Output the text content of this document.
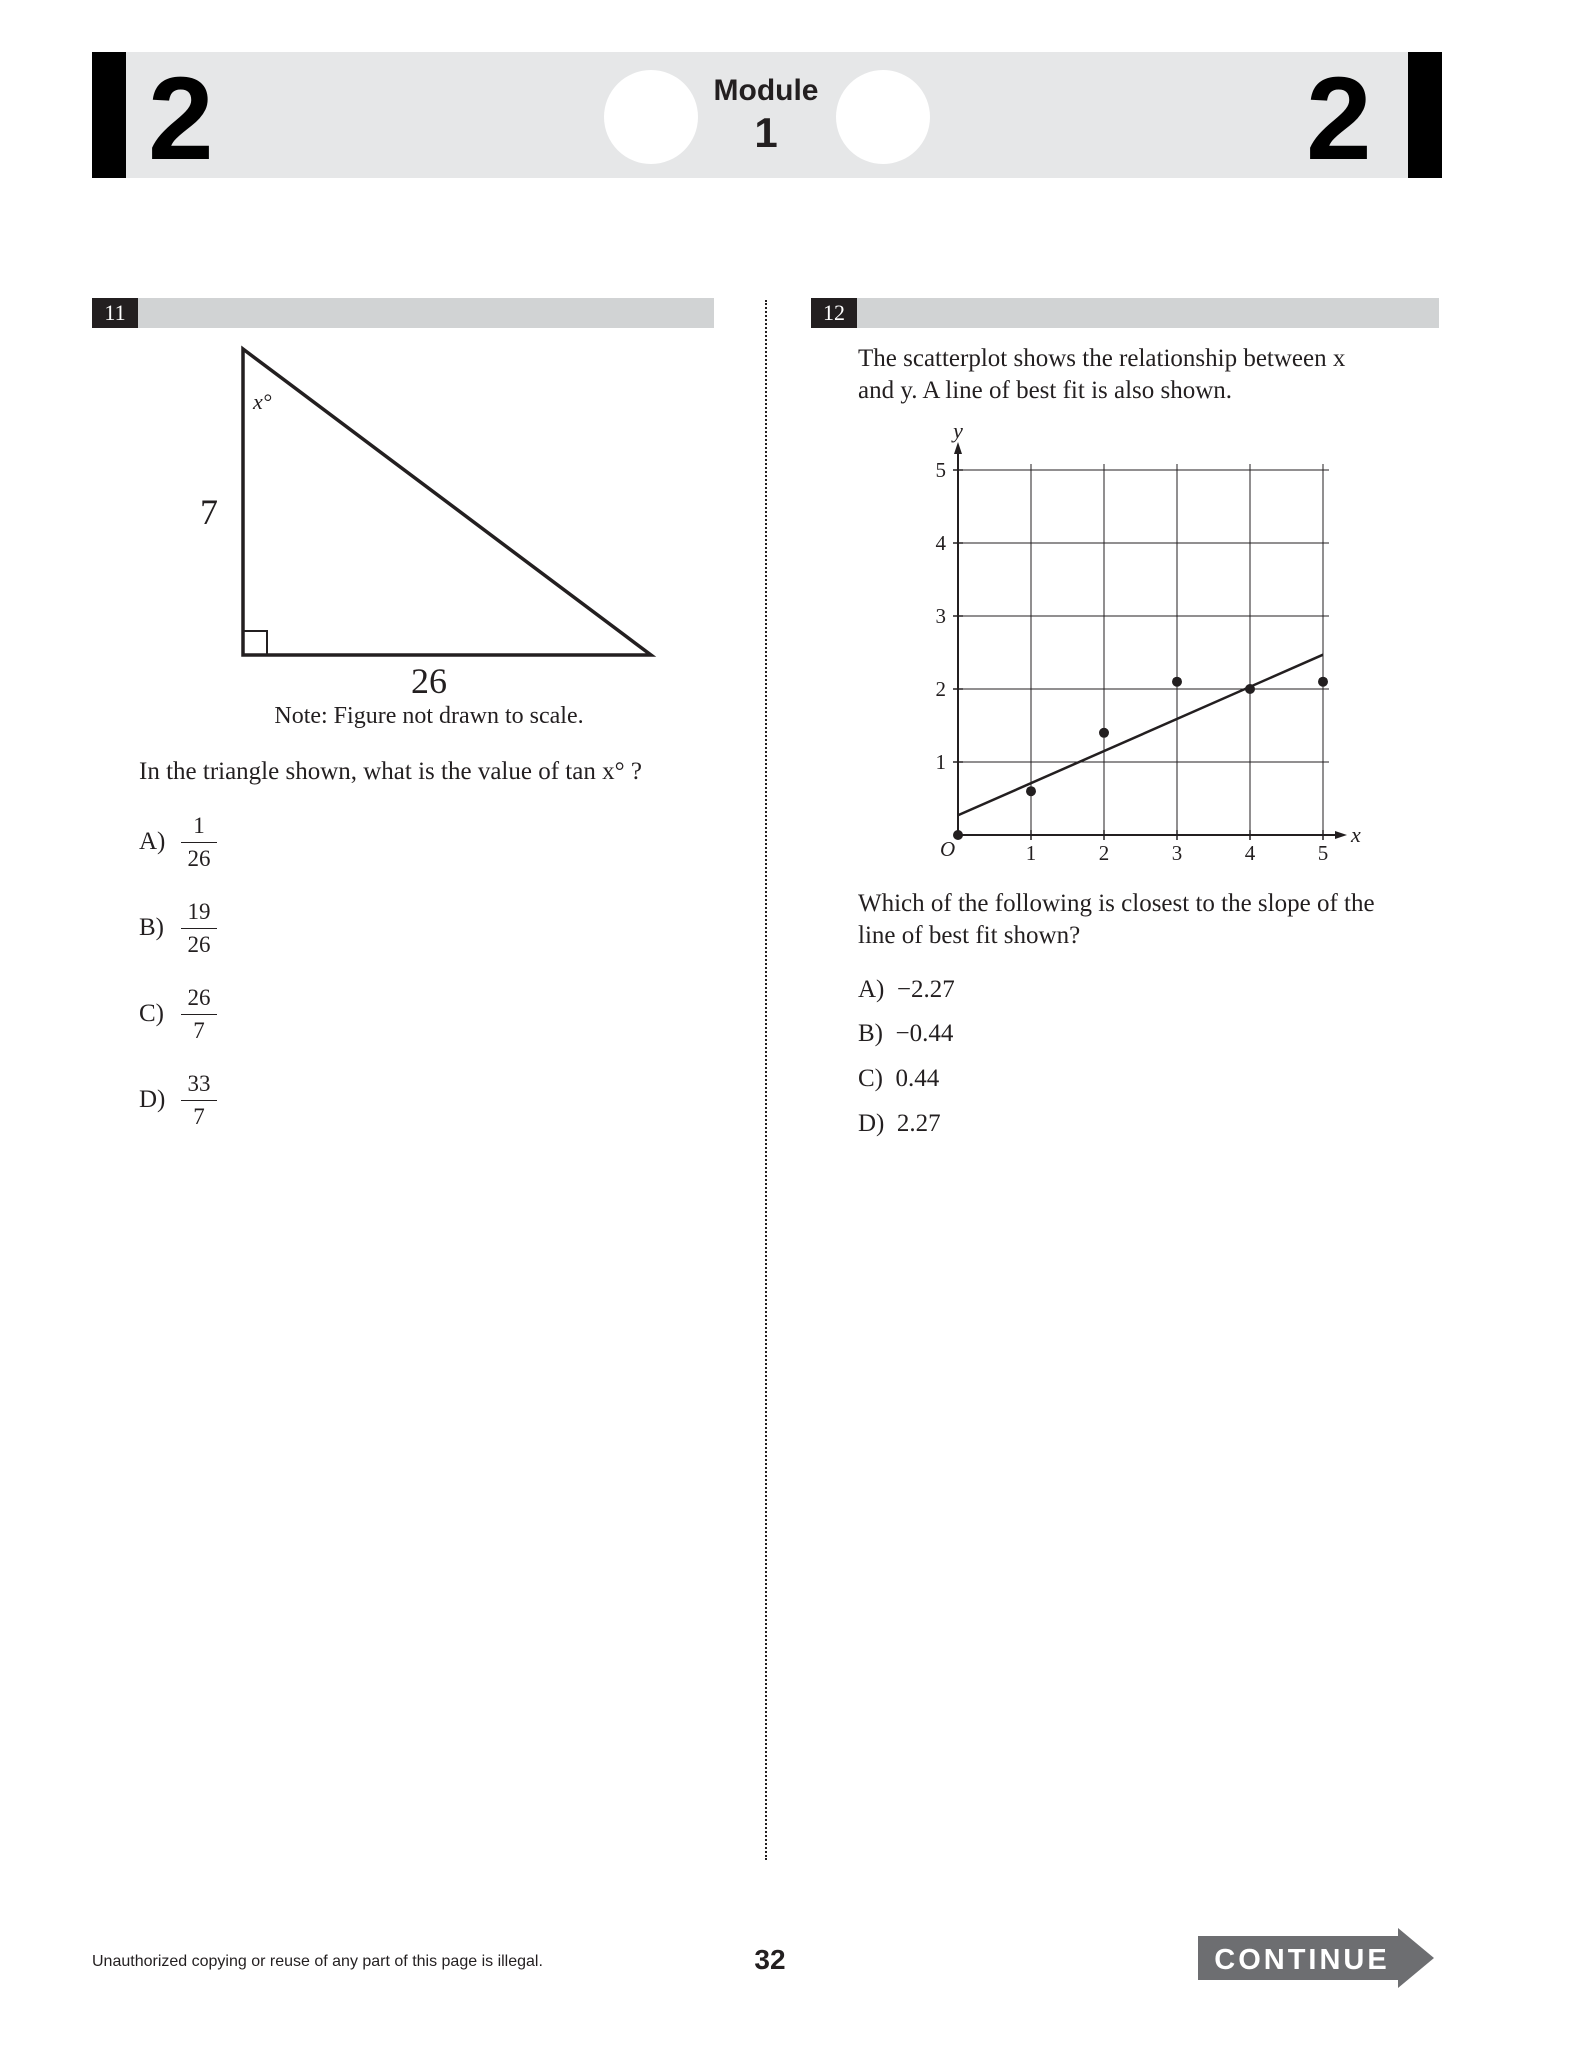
2	2
Module
1
11
x°
7
26
Note: Figure not drawn to scale.
In the triangle shown, what is the value of tan x° ?
$A) \frac{1}{26}$
$B) \frac{19}{26}$
$C) \frac{26}{7}$
$D) \frac{33}{7}$
12
The scatterplot shows the relationship between x
and y. A line of best fit is also shown.
1	2	3	4	5
1
2
3
4
5
x
y
O
Which of the following is closest to the slope of the
line of best fit shown?
A) −2.27
B) −0.44
C) 0.44
D) 2.27
Unauthorized copying or reuse of any part of this page is illegal.	32	CONTINUE
